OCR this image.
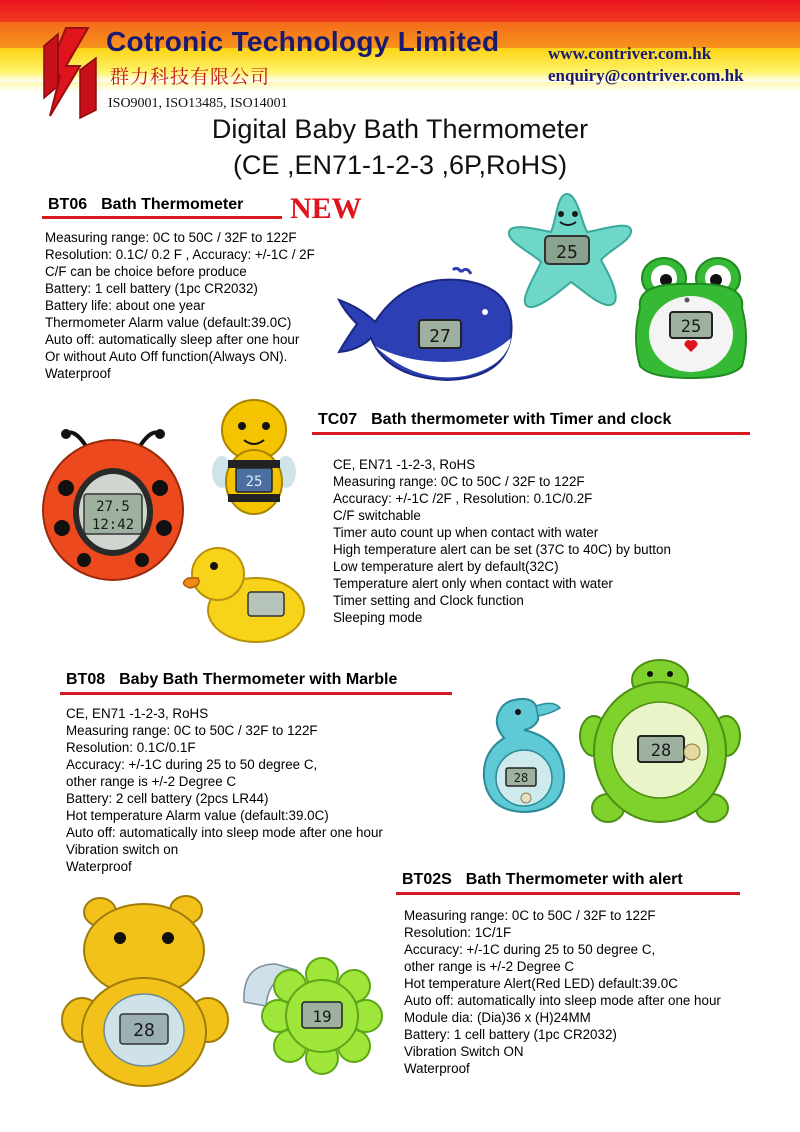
Cotronic Technology Limited
群力科技有限公司
www.contriver.com.hk
enquiry@contriver.com.hk
ISO9001, ISO13485, ISO14001
Digital Baby Bath Thermometer
(CE ,EN71-1-2-3 ,6P,RoHS)
BT06 Bath Thermometer NEW
Measuring range: 0C to 50C / 32F to 122F
Resolution: 0.1C/ 0.2 F , Accuracy: +/-1C / 2F
C/F can be choice before produce
Battery: 1 cell battery (1pc CR2032)
Battery life: about one year
Thermometer Alarm value (default:39.0C)
Auto off: automatically sleep after one hour
Or without Auto Off function(Always ON).
Waterproof
25
27	25
TC07 Bath thermometer with Timer and clock
CE, EN71 -1-2-3, RoHS
Measuring range: 0C to 50C / 32F to 122F
Accuracy: +/-1C /2F , Resolution: 0.1C/0.2F
C/F switchable
Timer auto count up when contact with water
High temperature alert can be set (37C to 40C) by button
Low temperature alert by default(32C)
Temperature alert only when contact with water
Timer setting and Clock function
Sleeping mode
27.5
12:42
25
BT08 Baby Bath Thermometer with Marble
CE, EN71 -1-2-3, RoHS
Measuring range: 0C to 50C / 32F to 122F
Resolution: 0.1C/0.1F
Accuracy: +/-1C during 25 to 50 degree C,
other range is +/-2 Degree C
Battery: 2 cell battery (2pcs LR44)
Hot temperature Alarm value (default:39.0C)
Auto off: automatically into sleep mode after one hour
Vibration switch on
Waterproof
28
28
BT02S Bath Thermometer with alert
Measuring range: 0C to 50C / 32F to 122F
Resolution: 1C/1F
Accuracy: +/-1C during 25 to 50 degree C,
other range is +/-2 Degree C
Hot temperature Alert(Red LED) default:39.0C
Auto off: automatically into sleep mode after one hour
Module dia: (Dia)36 x (H)24MM
Battery: 1 cell battery (1pc CR2032)
Vibration Switch ON
Waterproof
28
19
